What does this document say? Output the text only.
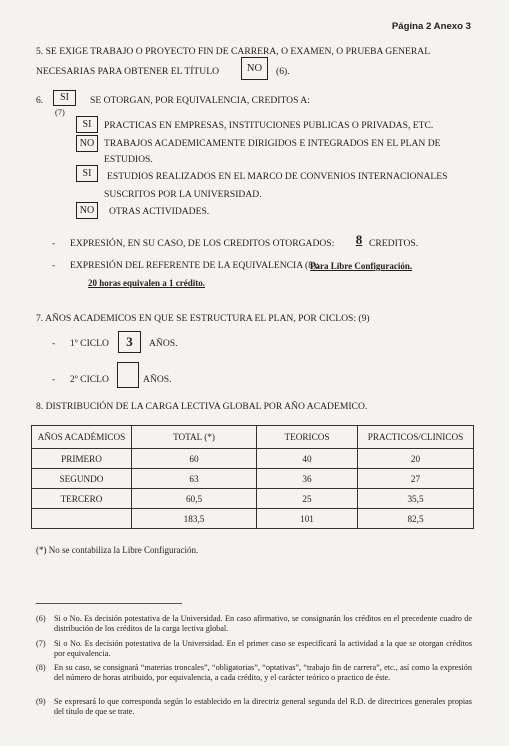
Página 2 Anexo 3
5. SE EXIGE TRABAJO O PROYECTO FIN DE CARRERA, O EXAMEN, O PRUEBA GENERAL
NECESARIAS PARA OBTENER EL TÍTULO	NO	(6).
6.	SI	SE OTORGAN, POR EQUIVALENCIA, CREDITOS A:
(7)
SI	PRACTICAS EN EMPRESAS, INSTITUCIONES PUBLICAS O PRIVADAS, ETC.
NO	TRABAJOS ACADEMICAMENTE DIRIGIDOS E INTEGRADOS EN EL PLAN DE
ESTUDIOS.
SI	ESTUDIOS REALIZADOS EN EL MARCO DE CONVENIOS INTERNACIONALES
SUSCRITOS POR LA UNIVERSIDAD.
NO	OTRAS ACTIVIDADES.
- EXPRESIÓN, EN SU CASO, DE LOS CREDITOS OTORGADOS:	8 CREDITOS.
- EXPRESIÓN DEL REFERENTE DE LA EQUIVALENCIA (8):
Para Libre Configuración.
20 horas equivalen a 1 crédito.
7. AÑOS ACADEMICOS EN QUE SE ESTRUCTURA EL PLAN, POR CICLOS: (9)
- 1º CICLO	3	AÑOS.
- 2º CICLO	AÑOS.
8. DISTRIBUCIÓN DE LA CARGA LECTIVA GLOBAL POR AÑO ACADEMICO.
AÑOS ACADÉMICOS	TOTAL (*)	TEORICOS	PRACTICOS/CLINICOS
PRIMERO	60	40	20
SEGUNDO	63	36	27
TERCERO	60,5	25	35,5
	183,5	101	82,5
(*) No se contabiliza la Libre Configuración.
(6) Si o No. Es decisión potestativa de la Universidad. En caso afirmativo, se consignarán los créditos en el precedente cuadro de distribución de los créditos de la carga lectiva global.
(7) Si o No. Es decisión potestativa de la Universidad. En el primer caso se especificará la actividad a la que se otorgan créditos por equivalencia.
(8) En su caso, se consignará “materias troncales”, “obligatorias”, “optativas”, “trabajo fin de carrera”, etc., así como la expresión del número de horas atribuido, por equivalencia, a cada crédito, y el carácter teórico o practico de éste.
(9) Se expresará lo que corresponda según lo establecido en la directriz general segunda del R.D. de directrices generales propias del título de que se trate.
